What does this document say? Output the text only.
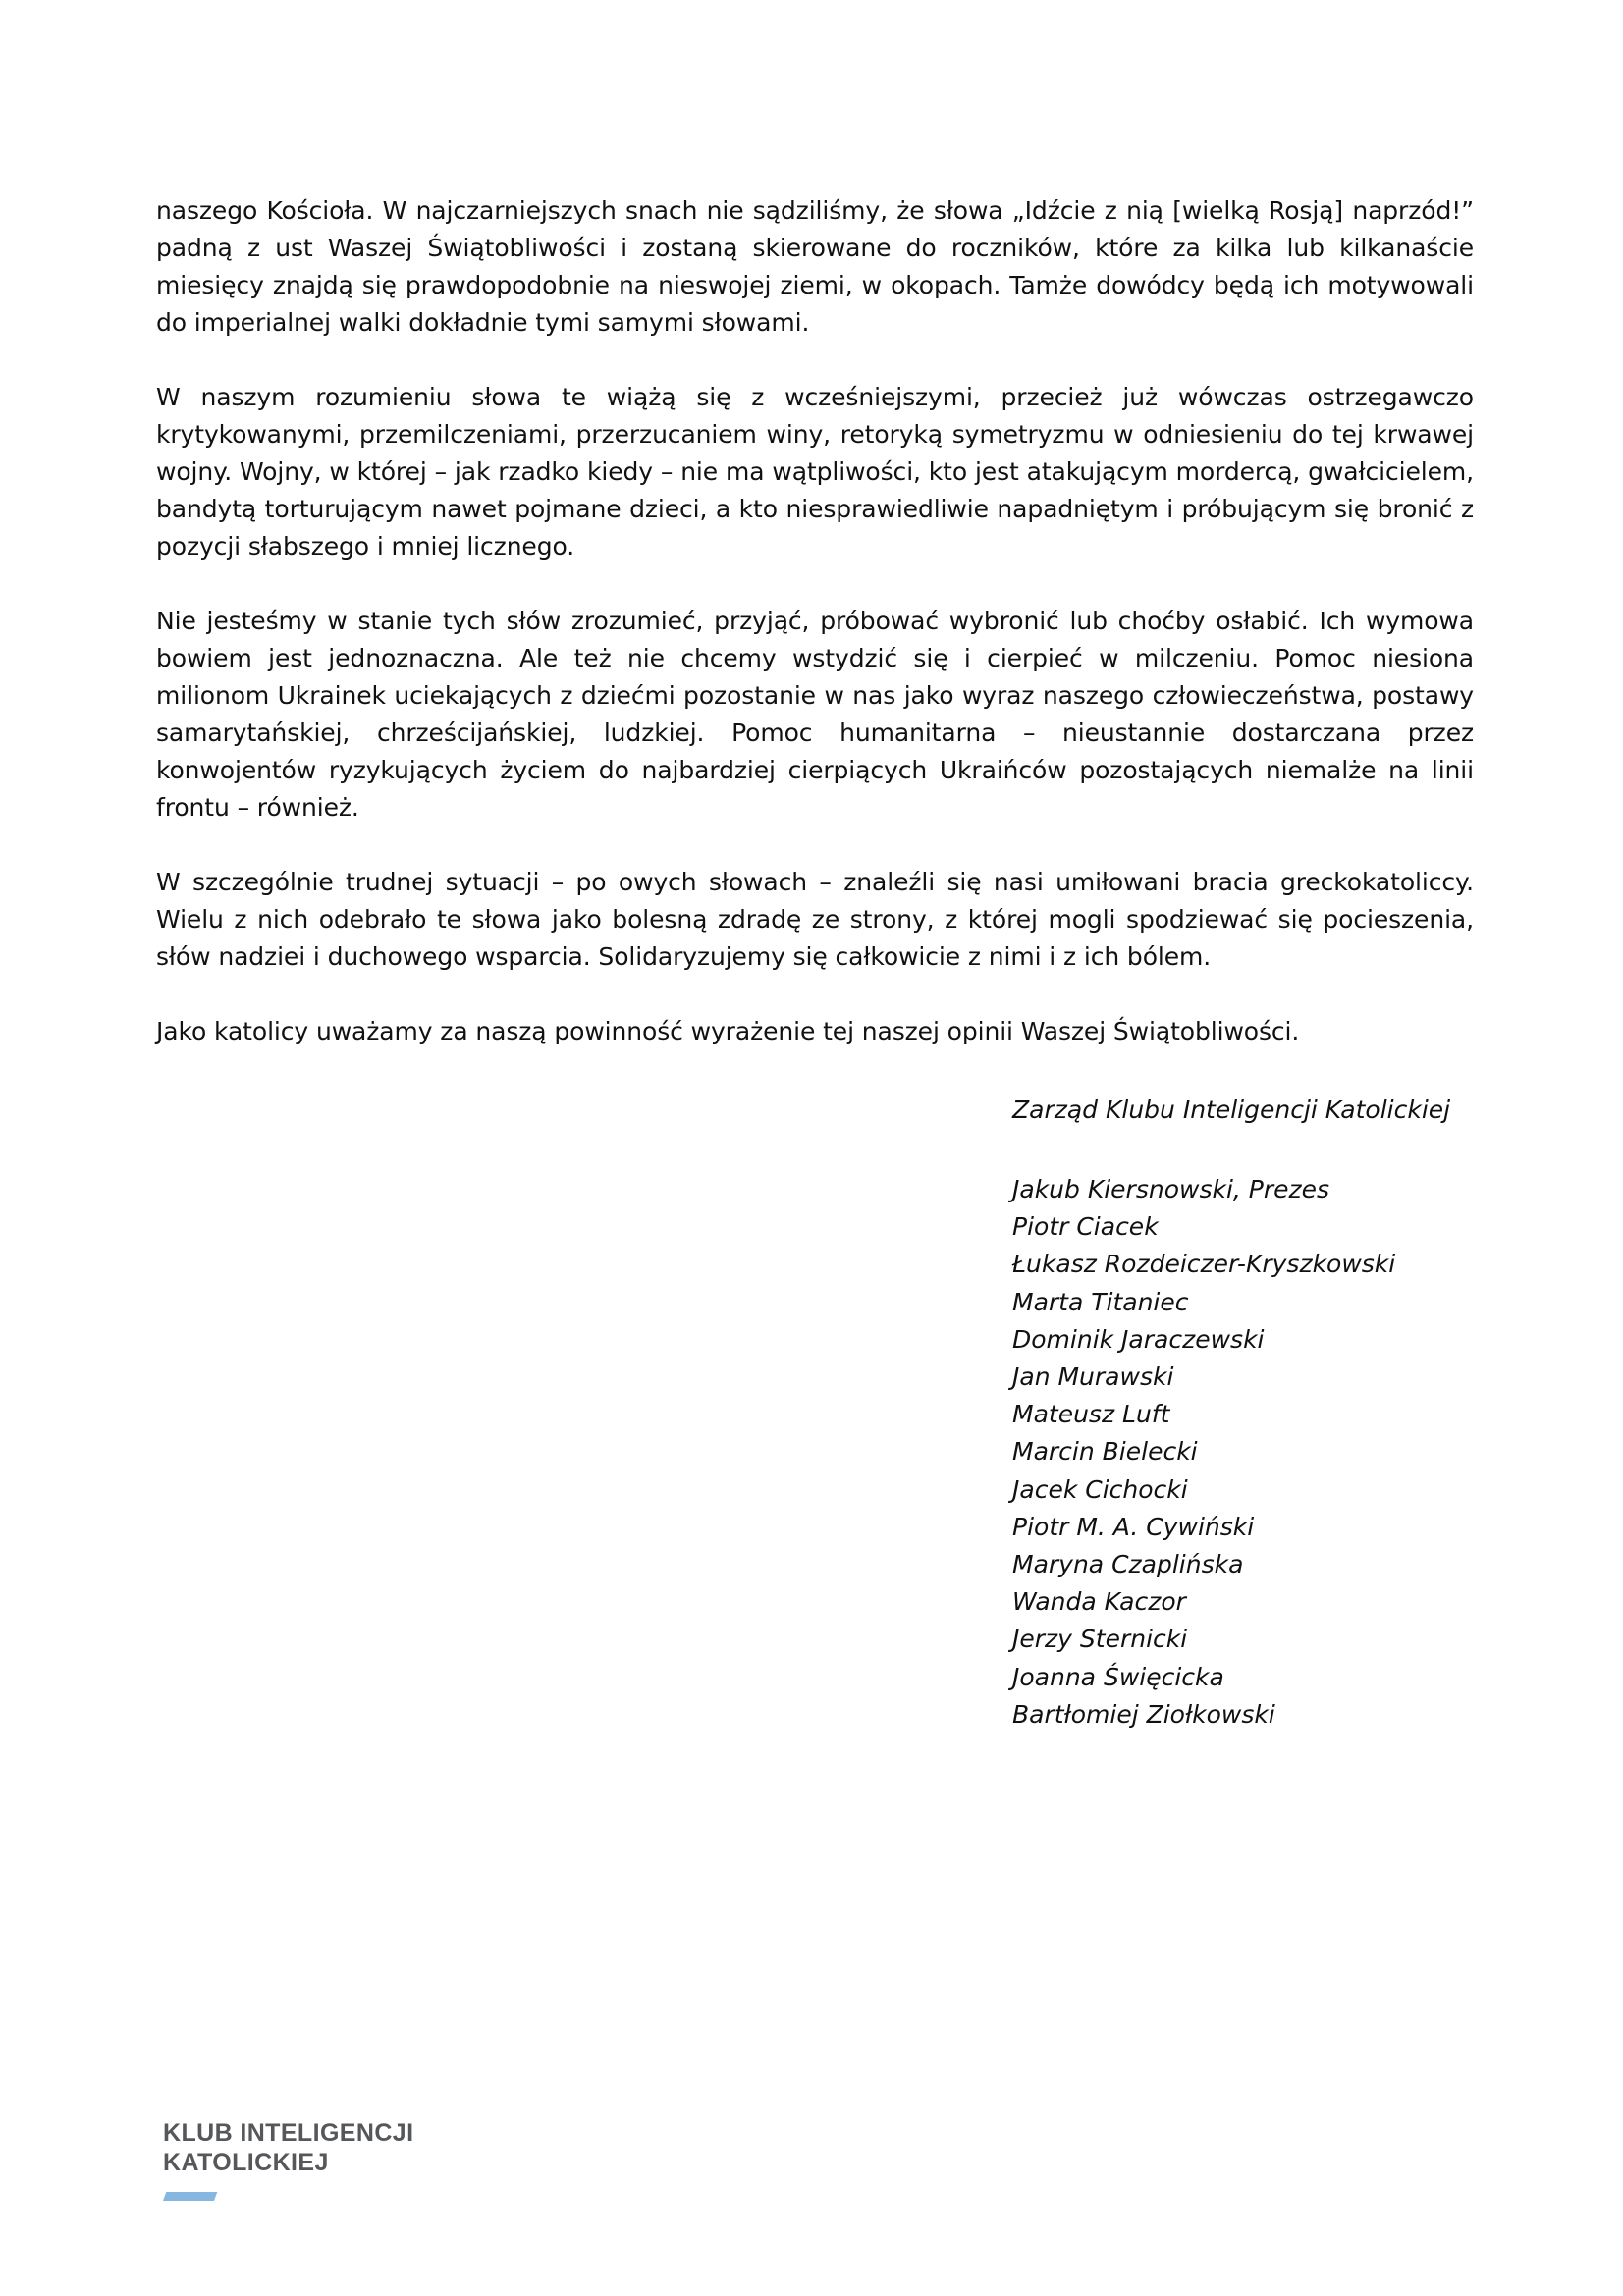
naszego Kościoła. W najczarniejszych snach nie sądziliśmy, że słowa „Idźcie z nią [wielką Rosją] naprzód!” padną z ust Waszej Świątobliwości i zostaną skierowane do roczników, które za kilka lub kilkanaście miesięcy znajdą się prawdopodobnie na nieswojej ziemi, w okopach. Tamże dowódcy będą ich motywowali do imperialnej walki dokładnie tymi samymi słowami.

W naszym rozumieniu słowa te wiążą się z wcześniejszymi, przecież już wówczas ostrzegawczo krytykowanymi, przemilczeniami, przerzucaniem winy, retoryką symetryzmu w odniesieniu do tej krwawej wojny. Wojny, w której – jak rzadko kiedy – nie ma wątpliwości, kto jest atakującym mordercą, gwałcicielem, bandytą torturującym nawet pojmane dzieci, a kto niesprawiedliwie napadniętym i próbującym się bronić z pozycji słabszego i mniej licznego.

Nie jesteśmy w stanie tych słów zrozumieć, przyjąć, próbować wybronić lub choćby osłabić. Ich wymowa bowiem jest jednoznaczna. Ale też nie chcemy wstydzić się i cierpieć w milczeniu. Pomoc niesiona milionom Ukrainek uciekających z dziećmi pozostanie w nas jako wyraz naszego człowieczeństwa, postawy samarytańskiej, chrześcijańskiej, ludzkiej. Pomoc humanitarna – nieustannie dostarczana przez konwojentów ryzykujących życiem do najbardziej cierpiących Ukraińców pozostających niemalże na linii frontu – również.

W szczególnie trudnej sytuacji – po owych słowach – znaleźli się nasi umiłowani bracia greckokatoliccy. Wielu z nich odebrało te słowa jako bolesną zdradę ze strony, z której mogli spodziewać się pocieszenia, słów nadziei i duchowego wsparcia. Solidaryzujemy się całkowicie z nimi i z ich bólem.

Jako katolicy uważamy za naszą powinność wyrażenie tej naszej opinii Waszej Świątobliwości.

Zarząd Klubu Inteligencji Katolickiej

Jakub Kiersnowski, Prezes
Piotr Ciacek
Łukasz Rozdeiczer-Kryszkowski
Marta Titaniec
Dominik Jaraczewski
Jan Murawski
Mateusz Luft
Marcin Bielecki
Jacek Cichocki
Piotr M. A. Cywiński
Maryna Czaplińska
Wanda Kaczor
Jerzy Sternicki
Joanna Święcicka
Bartłomiej Ziołkowski

KLUB INTELIGENCJI

KATOLICKIEJ
